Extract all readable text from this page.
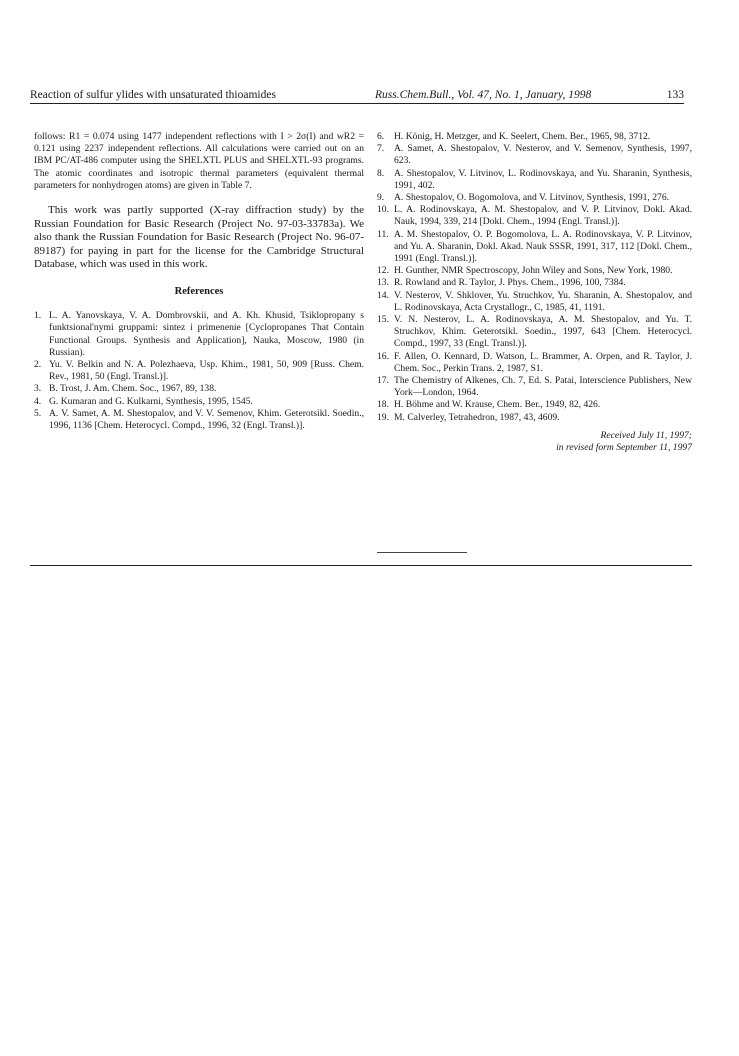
Reaction of sulfur ylides with unsaturated thioamides	Russ.Chem.Bull., Vol. 47, No. 1, January, 1998	133

follows: R1 = 0.074 using 1477 independent reflections with I > 2σ(I) and wR2 = 0.121 using 2237 independent reflections. All calculations were carried out on an IBM PC/AT-486 computer using the SHELXTL PLUS and SHELXTL-93 programs. The atomic coordinates and isotropic thermal parameters (equivalent thermal parameters for nonhydrogen atoms) are given in Table 7.

This work was partly supported (X-ray diffraction study) by the Russian Foundation for Basic Research (Project No. 97-03-33783a). We also thank the Russian Foundation for Basic Research (Project No. 96-07-89187) for paying in part for the license for the Cambridge Structural Database, which was used in this work.

References
1. L. A. Yanovskaya, V. A. Dombrovskii, and A. Kh. Khusid, Tsiklopropany s funktsional'nymi gruppami: sintez i primenenie [Cyclopropanes That Contain Functional Groups. Synthesis and Application], Nauka, Moscow, 1980 (in Russian).
2. Yu. V. Belkin and N. A. Polezhaeva, Usp. Khim., 1981, 50, 909 [Russ. Chem. Rev., 1981, 50 (Engl. Transl.)].
3. B. Trost, J. Am. Chem. Soc., 1967, 89, 138.
4. G. Kumaran and G. Kulkarni, Synthesis, 1995, 1545.
5. A. V. Samet, A. M. Shestopalov, and V. V. Semenov, Khim. Geterotsikl. Soedin., 1996, 1136 [Chem. Heterocycl. Compd., 1996, 32 (Engl. Transl.)].
6. H. König, H. Metzger, and K. Seelert, Chem. Ber., 1965, 98, 3712.
7. A. Samet, A. Shestopalov, V. Nesterov, and V. Semenov, Synthesis, 1997, 623.
8. A. Shestopalov, V. Litvinov, L. Rodinovskaya, and Yu. Sharanin, Synthesis, 1991, 402.
9. A. Shestopalov, O. Bogomolova, and V. Litvinov, Synthesis, 1991, 276.
10. L. A. Rodinovskaya, A. M. Shestopalov, and V. P. Litvinov, Dokl. Akad. Nauk, 1994, 339, 214 [Dokl. Chem., 1994 (Engl. Transl.)].
11. A. M. Shestopalov, O. P. Bogomolova, L. A. Rodinovskaya, V. P. Litvinov, and Yu. A. Sharanin, Dokl. Akad. Nauk SSSR, 1991, 317, 112 [Dokl. Chem., 1991 (Engl. Transl.)].
12. H. Gunther, NMR Spectroscopy, John Wiley and Sons, New York, 1980.
13. R. Rowland and R. Taylor, J. Phys. Chem., 1996, 100, 7384.
14. V. Nesterov, V. Shklover, Yu. Struchkov, Yu. Sharanin, A. Shestopalov, and L. Rodinovskaya, Acta Crystallogr., C, 1985, 41, 1191.
15. V. N. Nesterov, L. A. Rodinovskaya, A. M. Shestopalov, and Yu. T. Struchkov, Khim. Geterotsikl. Soedin., 1997, 643 [Chem. Heterocycl. Compd., 1997, 33 (Engl. Transl.)].
16. F. Allen, O. Kennard, D. Watson, L. Brammer, A. Orpen, and R. Taylor, J. Chem. Soc., Perkin Trans. 2, 1987, S1.
17. The Chemistry of Alkenes, Ch. 7, Ed. S. Patai, Interscience Publishers, New York—London, 1964.
18. H. Böhme and W. Krause, Chem. Ber., 1949, 82, 426.
19. M. Calverley, Tetrahedron, 1987, 43, 4609.
Received July 11, 1997;
in revised form September 11, 1997
